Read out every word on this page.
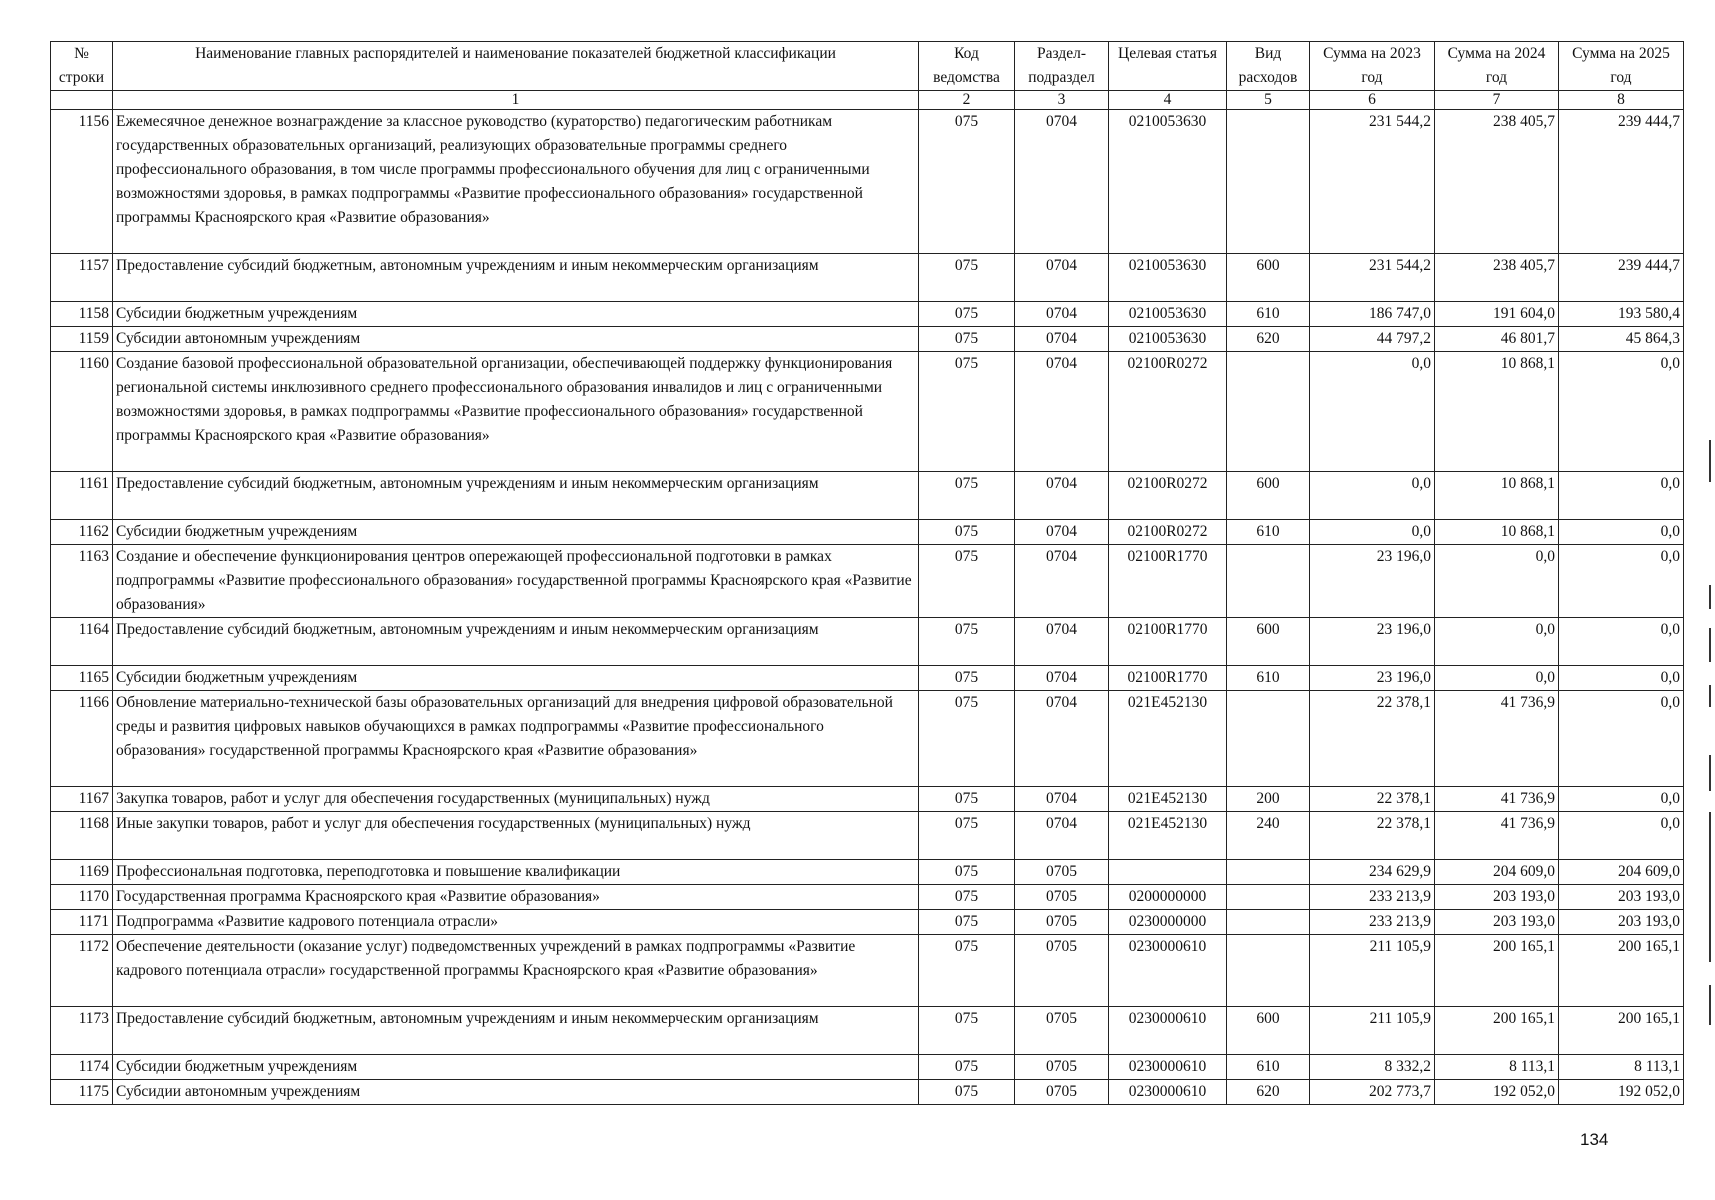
№ строки	Наименование главных распорядителей и наименование показателей бюджетной классификации	Код ведомства	Раздел-подраздел	Целевая статья	Вид расходов	Сумма на 2023 год	Сумма на 2024 год	Сумма на 2025 год
	1	2	3	4	5	6	7	8
1156	Ежемесячное денежное вознаграждение за классное руководство (кураторство) педагогическим работникам государственных образовательных организаций, реализующих образовательные программы среднего профессионального образования, в том числе программы профессионального обучения для лиц с ограниченными возможностями здоровья, в рамках подпрограммы «Развитие профессионального образования» государственной программы Красноярского края «Развитие образования»	075	0704	0210053630		231 544,2	238 405,7	239 444,7
1157	Предоставление субсидий бюджетным, автономным учреждениям и иным некоммерческим организациям	075	0704	0210053630	600	231 544,2	238 405,7	239 444,7
1158	Субсидии бюджетным учреждениям	075	0704	0210053630	610	186 747,0	191 604,0	193 580,4
1159	Субсидии автономным учреждениям	075	0704	0210053630	620	44 797,2	46 801,7	45 864,3
1160	Создание базовой профессиональной образовательной организации, обеспечивающей поддержку функционирования региональной системы инклюзивного среднего профессионального образования инвалидов и лиц с ограниченными возможностями здоровья, в рамках подпрограммы «Развитие профессионального образования» государственной программы Красноярского края «Развитие образования»	075	0704	02100R0272		0,0	10 868,1	0,0
1161	Предоставление субсидий бюджетным, автономным учреждениям и иным некоммерческим организациям	075	0704	02100R0272	600	0,0	10 868,1	0,0
1162	Субсидии бюджетным учреждениям	075	0704	02100R0272	610	0,0	10 868,1	0,0
1163	Создание и обеспечение функционирования центров опережающей профессиональной подготовки в рамках подпрограммы «Развитие профессионального образования» государственной программы Красноярского края «Развитие образования»	075	0704	02100R1770		23 196,0	0,0	0,0
1164	Предоставление субсидий бюджетным, автономным учреждениям и иным некоммерческим организациям	075	0704	02100R1770	600	23 196,0	0,0	0,0
1165	Субсидии бюджетным учреждениям	075	0704	02100R1770	610	23 196,0	0,0	0,0
1166	Обновление материально-технической базы образовательных организаций для внедрения цифровой образовательной среды и развития цифровых навыков обучающихся в рамках подпрограммы «Развитие профессионального образования» государственной программы Красноярского края «Развитие образования»	075	0704	021E452130		22 378,1	41 736,9	0,0
1167	Закупка товаров, работ и услуг для обеспечения государственных (муниципальных) нужд	075	0704	021E452130	200	22 378,1	41 736,9	0,0
1168	Иные закупки товаров, работ и услуг для обеспечения государственных (муниципальных) нужд	075	0704	021E452130	240	22 378,1	41 736,9	0,0
1169	Профессиональная подготовка, переподготовка и повышение квалификации	075	0705			234 629,9	204 609,0	204 609,0
1170	Государственная программа Красноярского края «Развитие образования»	075	0705	0200000000		233 213,9	203 193,0	203 193,0
1171	Подпрограмма «Развитие кадрового потенциала отрасли»	075	0705	0230000000		233 213,9	203 193,0	203 193,0
1172	Обеспечение деятельности (оказание услуг) подведомственных учреждений в рамках подпрограммы «Развитие кадрового потенциала отрасли» государственной программы Красноярского края «Развитие образования»	075	0705	0230000610		211 105,9	200 165,1	200 165,1
1173	Предоставление субсидий бюджетным, автономным учреждениям и иным некоммерческим организациям	075	0705	0230000610	600	211 105,9	200 165,1	200 165,1
1174	Субсидии бюджетным учреждениям	075	0705	0230000610	610	8 332,2	8 113,1	8 113,1
1175	Субсидии автономным учреждениям	075	0705	0230000610	620	202 773,7	192 052,0	192 052,0
134
